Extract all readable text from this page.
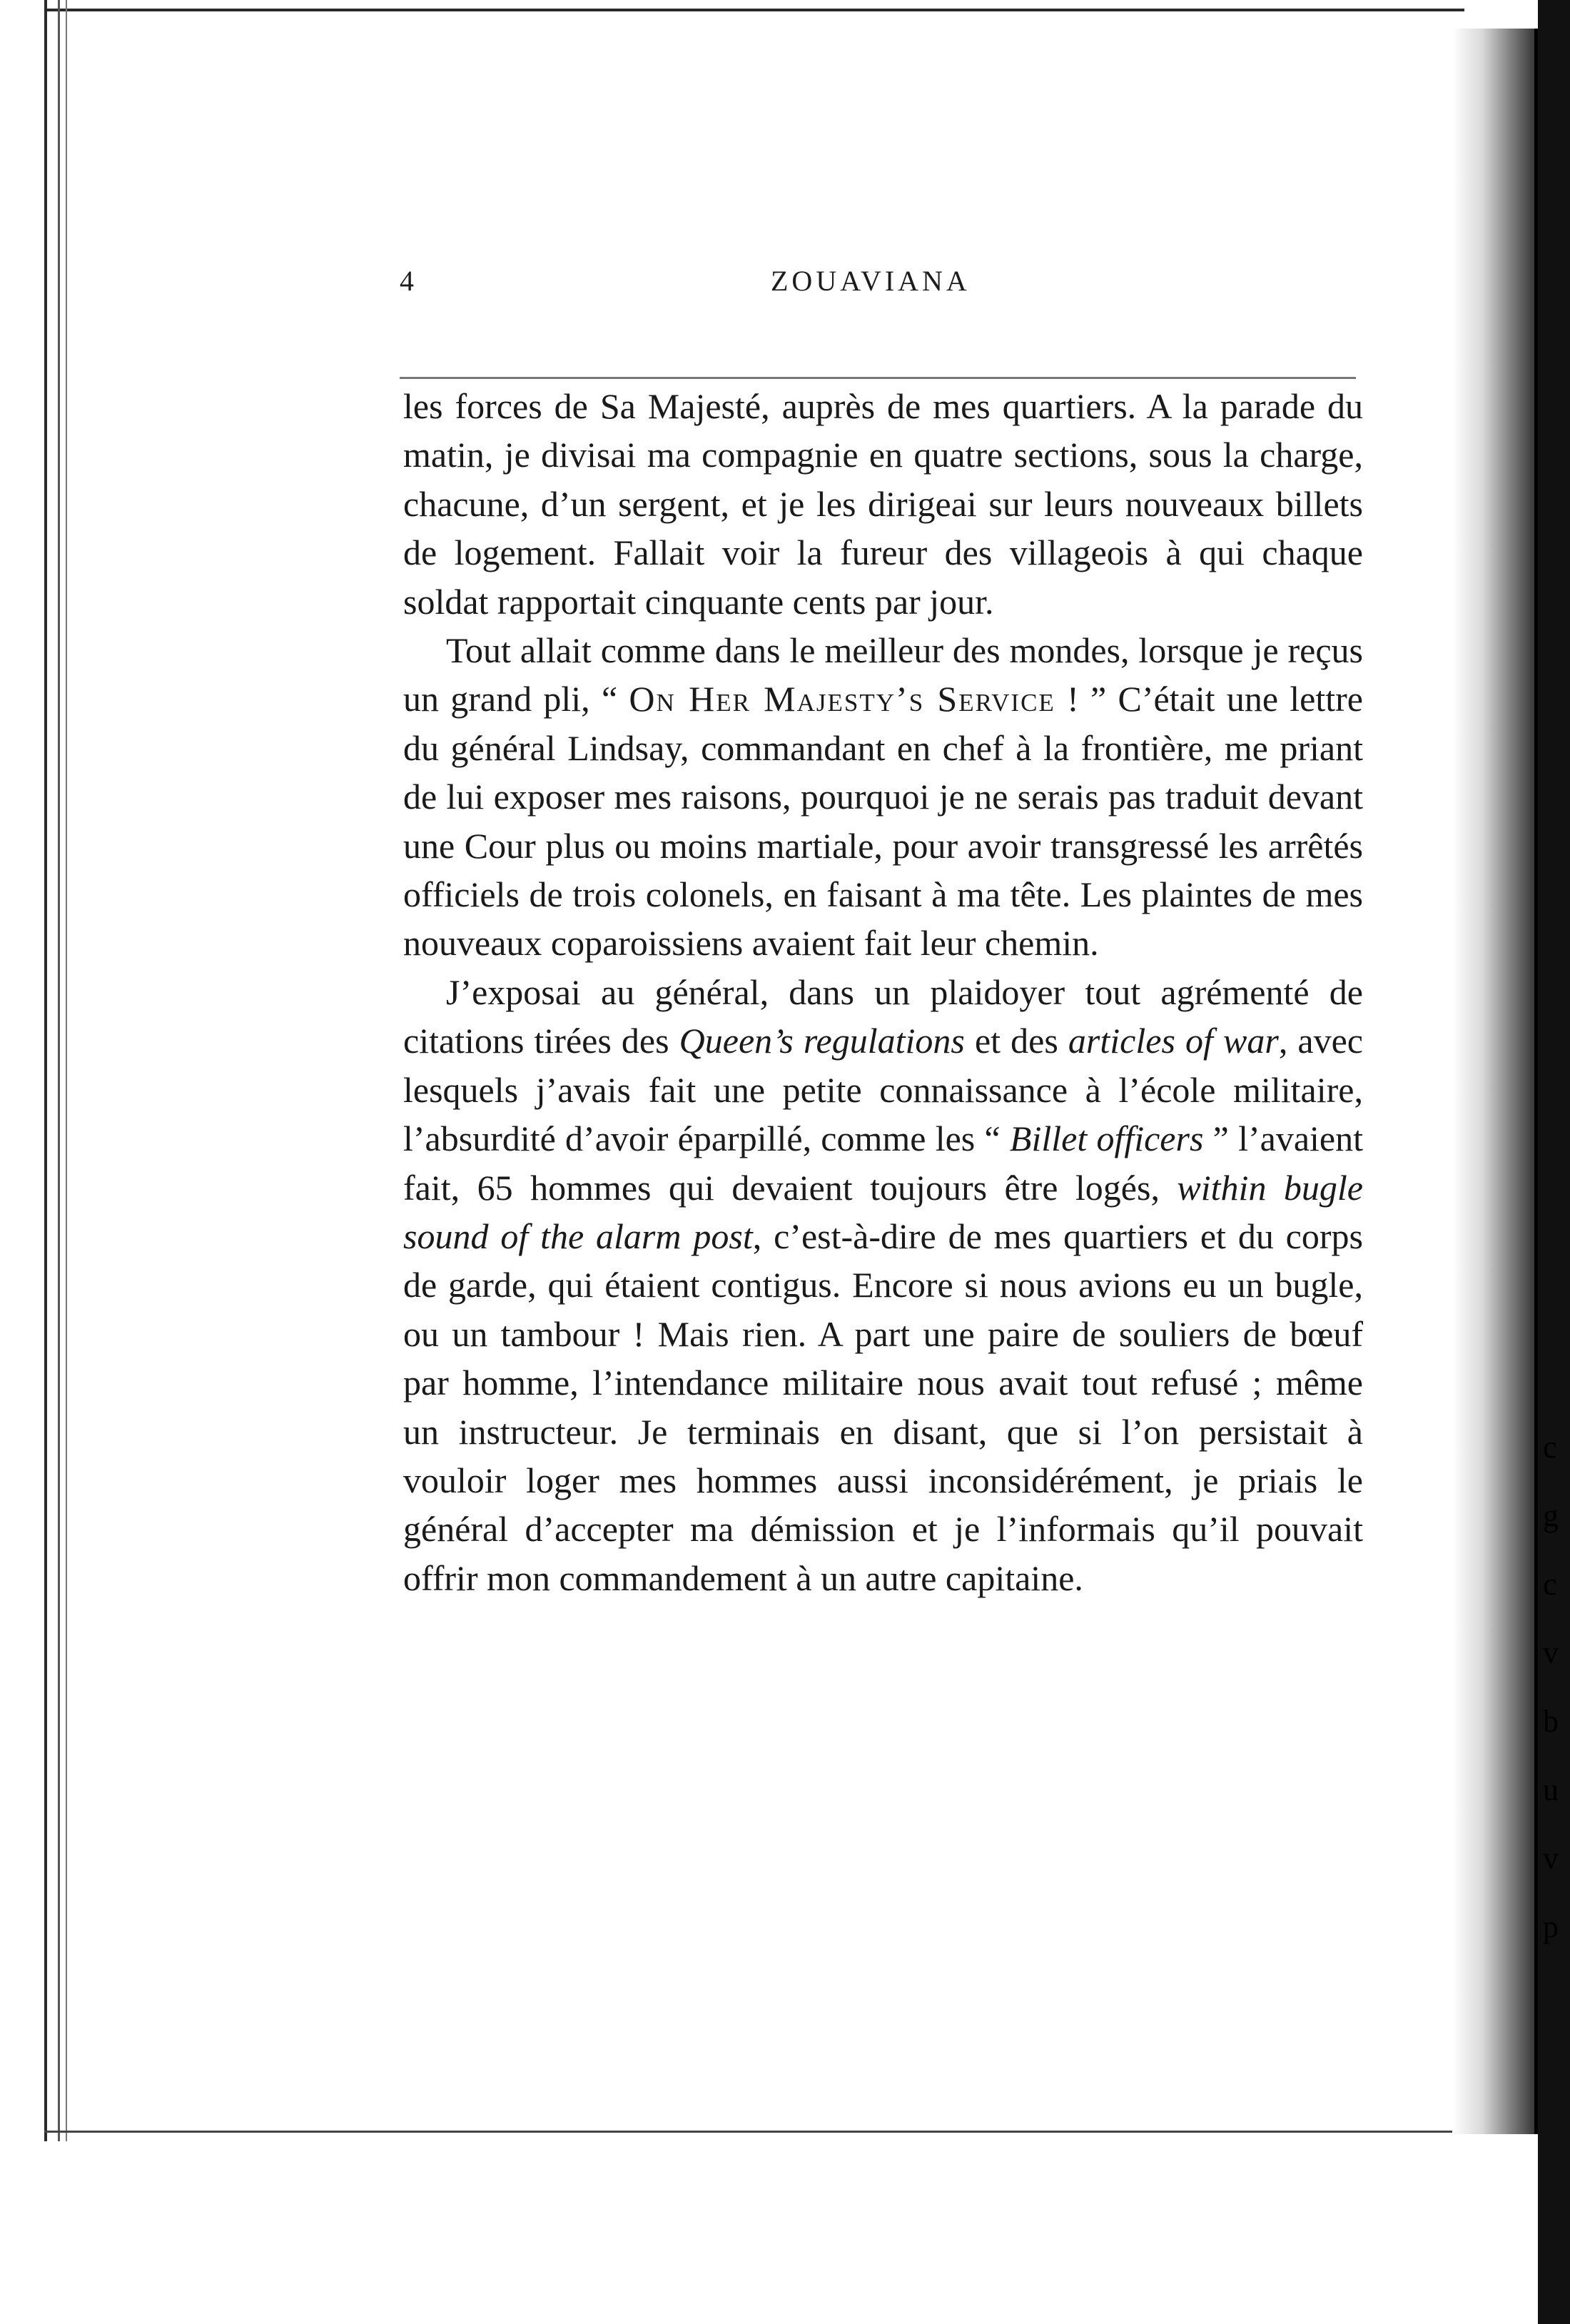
c
g
c
v
b
u
v
p
4	ZOUAVIANA

les forces de Sa Majesté, auprès de mes quartiers. A la parade du matin, je divisai ma compagnie en quatre sections, sous la charge, chacune, d’un sergent, et je les dirigeai sur leurs nouveaux billets de logement. Fallait voir la fureur des villageois à qui chaque soldat rapportait cinquante cents par jour.

Tout allait comme dans le meilleur des mondes, lorsque je reçus un grand pli, “ On Her Majesty’s Service ! ” C’était une lettre du général Lindsay, commandant en chef à la frontière, me priant de lui exposer mes raisons, pourquoi je ne serais pas traduit devant une Cour plus ou moins martiale, pour avoir transgressé les arrêtés officiels de trois colonels, en faisant à ma tête. Les plaintes de mes nouveaux coparoissiens avaient fait leur chemin.

J’exposai au général, dans un plaidoyer tout agrémenté de citations tirées des Queen’s regulations et des articles of war, avec lesquels j’avais fait une petite connaissance à l’école militaire, l’absurdité d’avoir éparpillé, comme les “ Billet officers ” l’avaient fait, 65 hommes qui devaient toujours être logés, within bugle sound of the alarm post, c’est-à-dire de mes quartiers et du corps de garde, qui étaient contigus. Encore si nous avions eu un bugle, ou un tambour ! Mais rien. A part une paire de souliers de bœuf par homme, l’intendance militaire nous avait tout refusé ; même un instructeur. Je terminais en disant, que si l’on persistait à vouloir loger mes hommes aussi inconsidérément, je priais le général d’accepter ma démission et je l’informais qu’il pouvait offrir mon commandement à un autre capitaine.
